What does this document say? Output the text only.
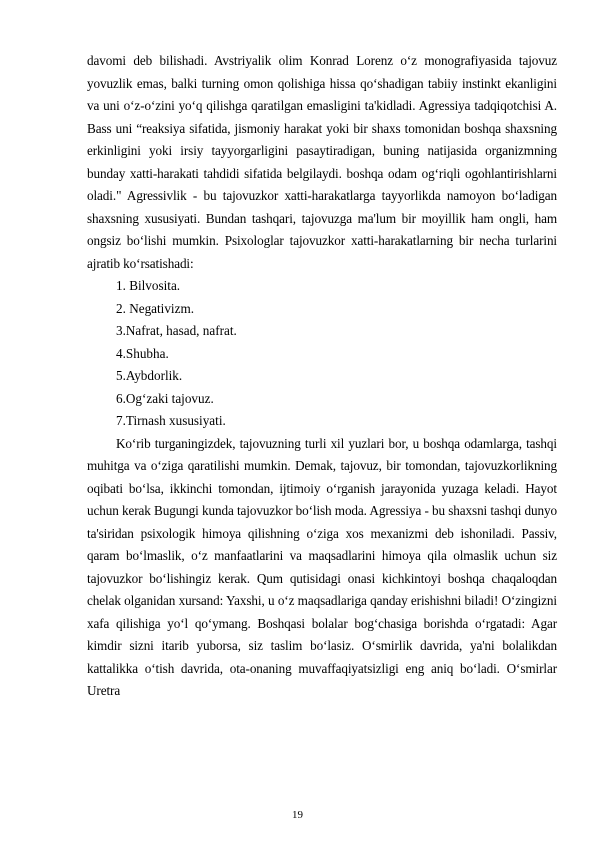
davomi deb bilishadi. Avstriyalik olim Konrad Lorenz o‘z monografiyasida tajovuz yovuzlik emas, balki turning omon qolishiga hissa qo‘shadigan tabiiy instinkt ekanligini va uni o‘z-o‘zini yo‘q qilishga qaratilgan emasligini ta'kidladi. Agressiya tadqiqotchisi A. Bass uni “reaksiya sifatida, jismoniy harakat yoki bir shaxs tomonidan boshqa shaxsning erkinligini yoki irsiy tayyorgarligini pasaytiradigan, buning natijasida organizmning bunday xatti-harakati tahdidi sifatida belgilaydi. boshqa odam og‘riqli ogohlantirishlarni oladi." Agressivlik - bu tajovuzkor xatti-harakatlarga tayyorlikda namoyon bo‘ladigan shaxsning xususiyati. Bundan tashqari, tajovuzga ma'lum bir moyillik ham ongli, ham ongsiz bo‘lishi mumkin. Psixologlar tajovuzkor xatti-harakatlarning bir necha turlarini ajratib ko‘rsatishadi:

1. Bilvosita.
2. Negativizm.
3.Nafrat, hasad, nafrat.
4.Shubha.
5.Aybdorlik.
6.Og‘zaki tajovuz.
7.Tirnash xususiyati.

Ko‘rib turganingizdek, tajovuzning turli xil yuzlari bor, u boshqa odamlarga, tashqi muhitga va o‘ziga qaratilishi mumkin. Demak, tajovuz, bir tomondan, tajovuzkorlikning oqibati bo‘lsa, ikkinchi tomondan, ijtimoiy o‘rganish jarayonida yuzaga keladi. Hayot uchun kerak Bugungi kunda tajovuzkor bo‘lish moda. Agressiya - bu shaxsni tashqi dunyo ta'siridan psixologik himoya qilishning o‘ziga xos mexanizmi deb ishoniladi. Passiv, qaram bo‘lmaslik, o‘z manfaatlarini va maqsadlarini himoya qila olmaslik uchun siz tajovuzkor bo‘lishingiz kerak. Qum qutisidagi onasi kichkintoyi boshqa chaqaloqdan chelak olganidan xursand: Yaxshi, u o‘z maqsadlariga qanday erishishni biladi! O‘zingizni xafa qilishiga yo‘l qo‘ymang. Boshqasi bolalar bog‘chasiga borishda o‘rgatadi: Agar kimdir sizni itarib yuborsa, siz taslim bo‘lasiz. O‘smirlik davrida, ya'ni bolalikdan kattalikka o‘tish davrida, ota-onaning muvaffaqiyatsizligi eng aniq bo‘ladi. O‘smirlar Uretra

19
